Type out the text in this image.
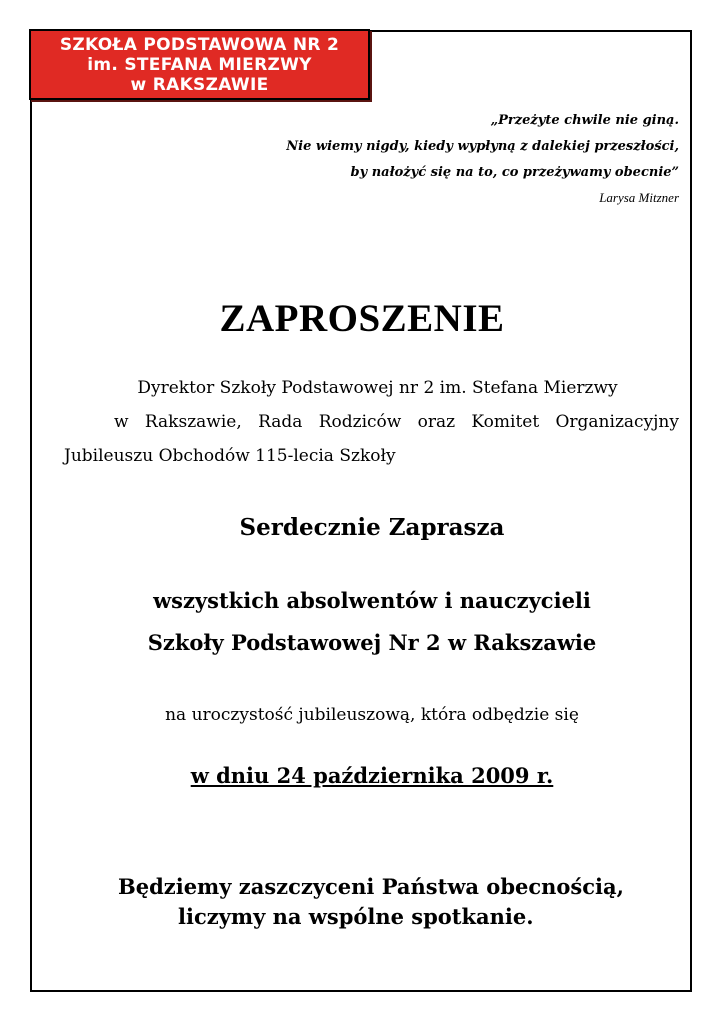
SZKOŁA PODSTAWOWA NR 2
im. STEFANA MIERZWY
w RAKSZAWIE
„Przeżyte chwile nie giną.
Nie wiemy nigdy, kiedy wypłyną z dalekiej przeszłości,
by nałożyć się na to, co przeżywamy obecnie”
Larysa Mitzner
ZAPROSZENIE
Dyrektor Szkoły Podstawowej nr 2 im. Stefana Mierzwy
w Rakszawie, Rada Rodziców oraz Komitet Organizacyjny
Jubileuszu Obchodów 115-lecia Szkoły
Serdecznie Zaprasza
wszystkich absolwentów i nauczycieli
Szkoły Podstawowej Nr 2 w Rakszawie
na uroczystość jubileuszową, która odbędzie się
w dniu 24 października 2009 r.
Będziemy zaszczyceni Państwa obecnością,
liczymy na wspólne spotkanie.
